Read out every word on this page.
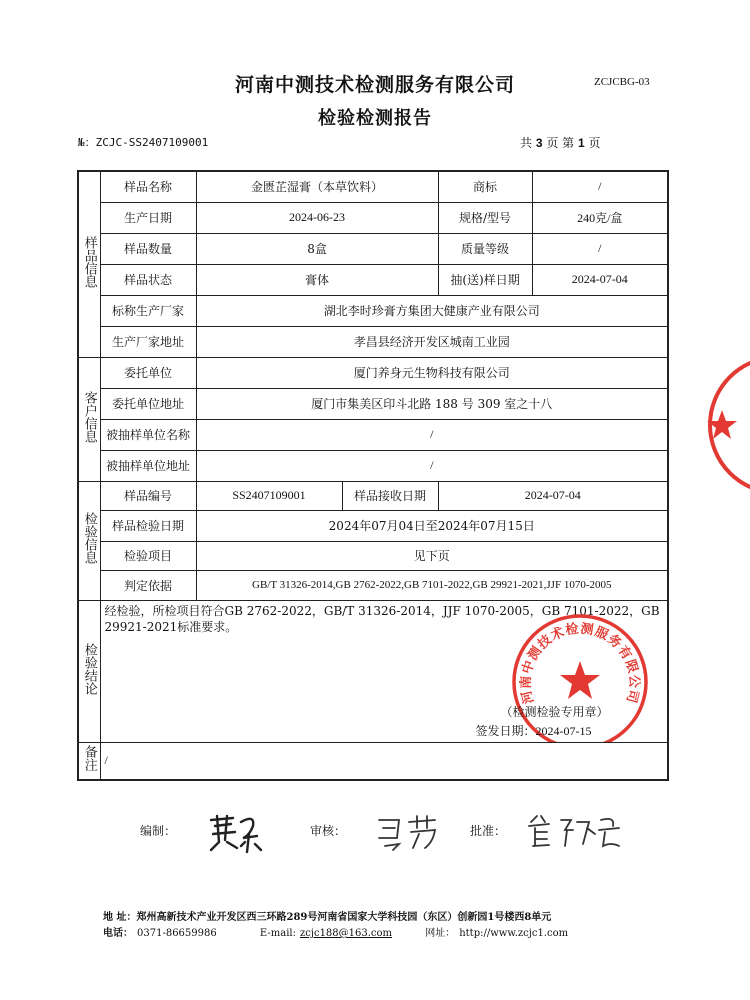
河南中测技术检测服务有限公司	ZCJCBG-03
检验检测报告
№：ZCJC-SS2407109001	共 3 页 第 1 页
样品信息	样品名称	金匮芷湿膏（本草饮料）		商标	/
	生产日期	2024-06-23		规格/型号	240克/盒
	样品数量	8盒		质量等级	/
	样品状态	膏体		抽(送)样日期	2024-07-04
	标称生产厂家	湖北李时珍膏方集团大健康产业有限公司			
	生产厂家地址	孝昌县经济开发区城南工业园			
客户信息	委托单位	厦门养身元生物科技有限公司			
	委托单位地址	厦门市集美区印斗北路 188 号 309 室之十八			
	被抽样单位名称	/			
	被抽样单位地址	/			
检验信息	样品编号	SS2407109001	样品接收日期	2024-07-04	
	样品检验日期	2024年07月04日至2024年07月15日			
	检验项目	见下页			
	判定依据	GB/T 31326-2014,GB 2762-2022,GB 7101-2022,GB 29921-2021,JJF 1070-2005			
检验结论	经检验，所检项目符合GB 2762-2022，GB/T 31326-2014，JJF 1070-2005，GB 7101-2022，GB 29921-2021标准要求。
河南中测技术检测服务有限公司
（检测检验专用章）
签发日期：2024-07-15				

备注	/				
编制：	审核：	批准：
地 址：郑州高新技术产业开发区西三环路289号河南省国家大学科技园（东区）创新园1号楼西8单元
电话： 0371-86659986	E-mail: zcjc188@163.com	网址： http://www.zcjc1.com
